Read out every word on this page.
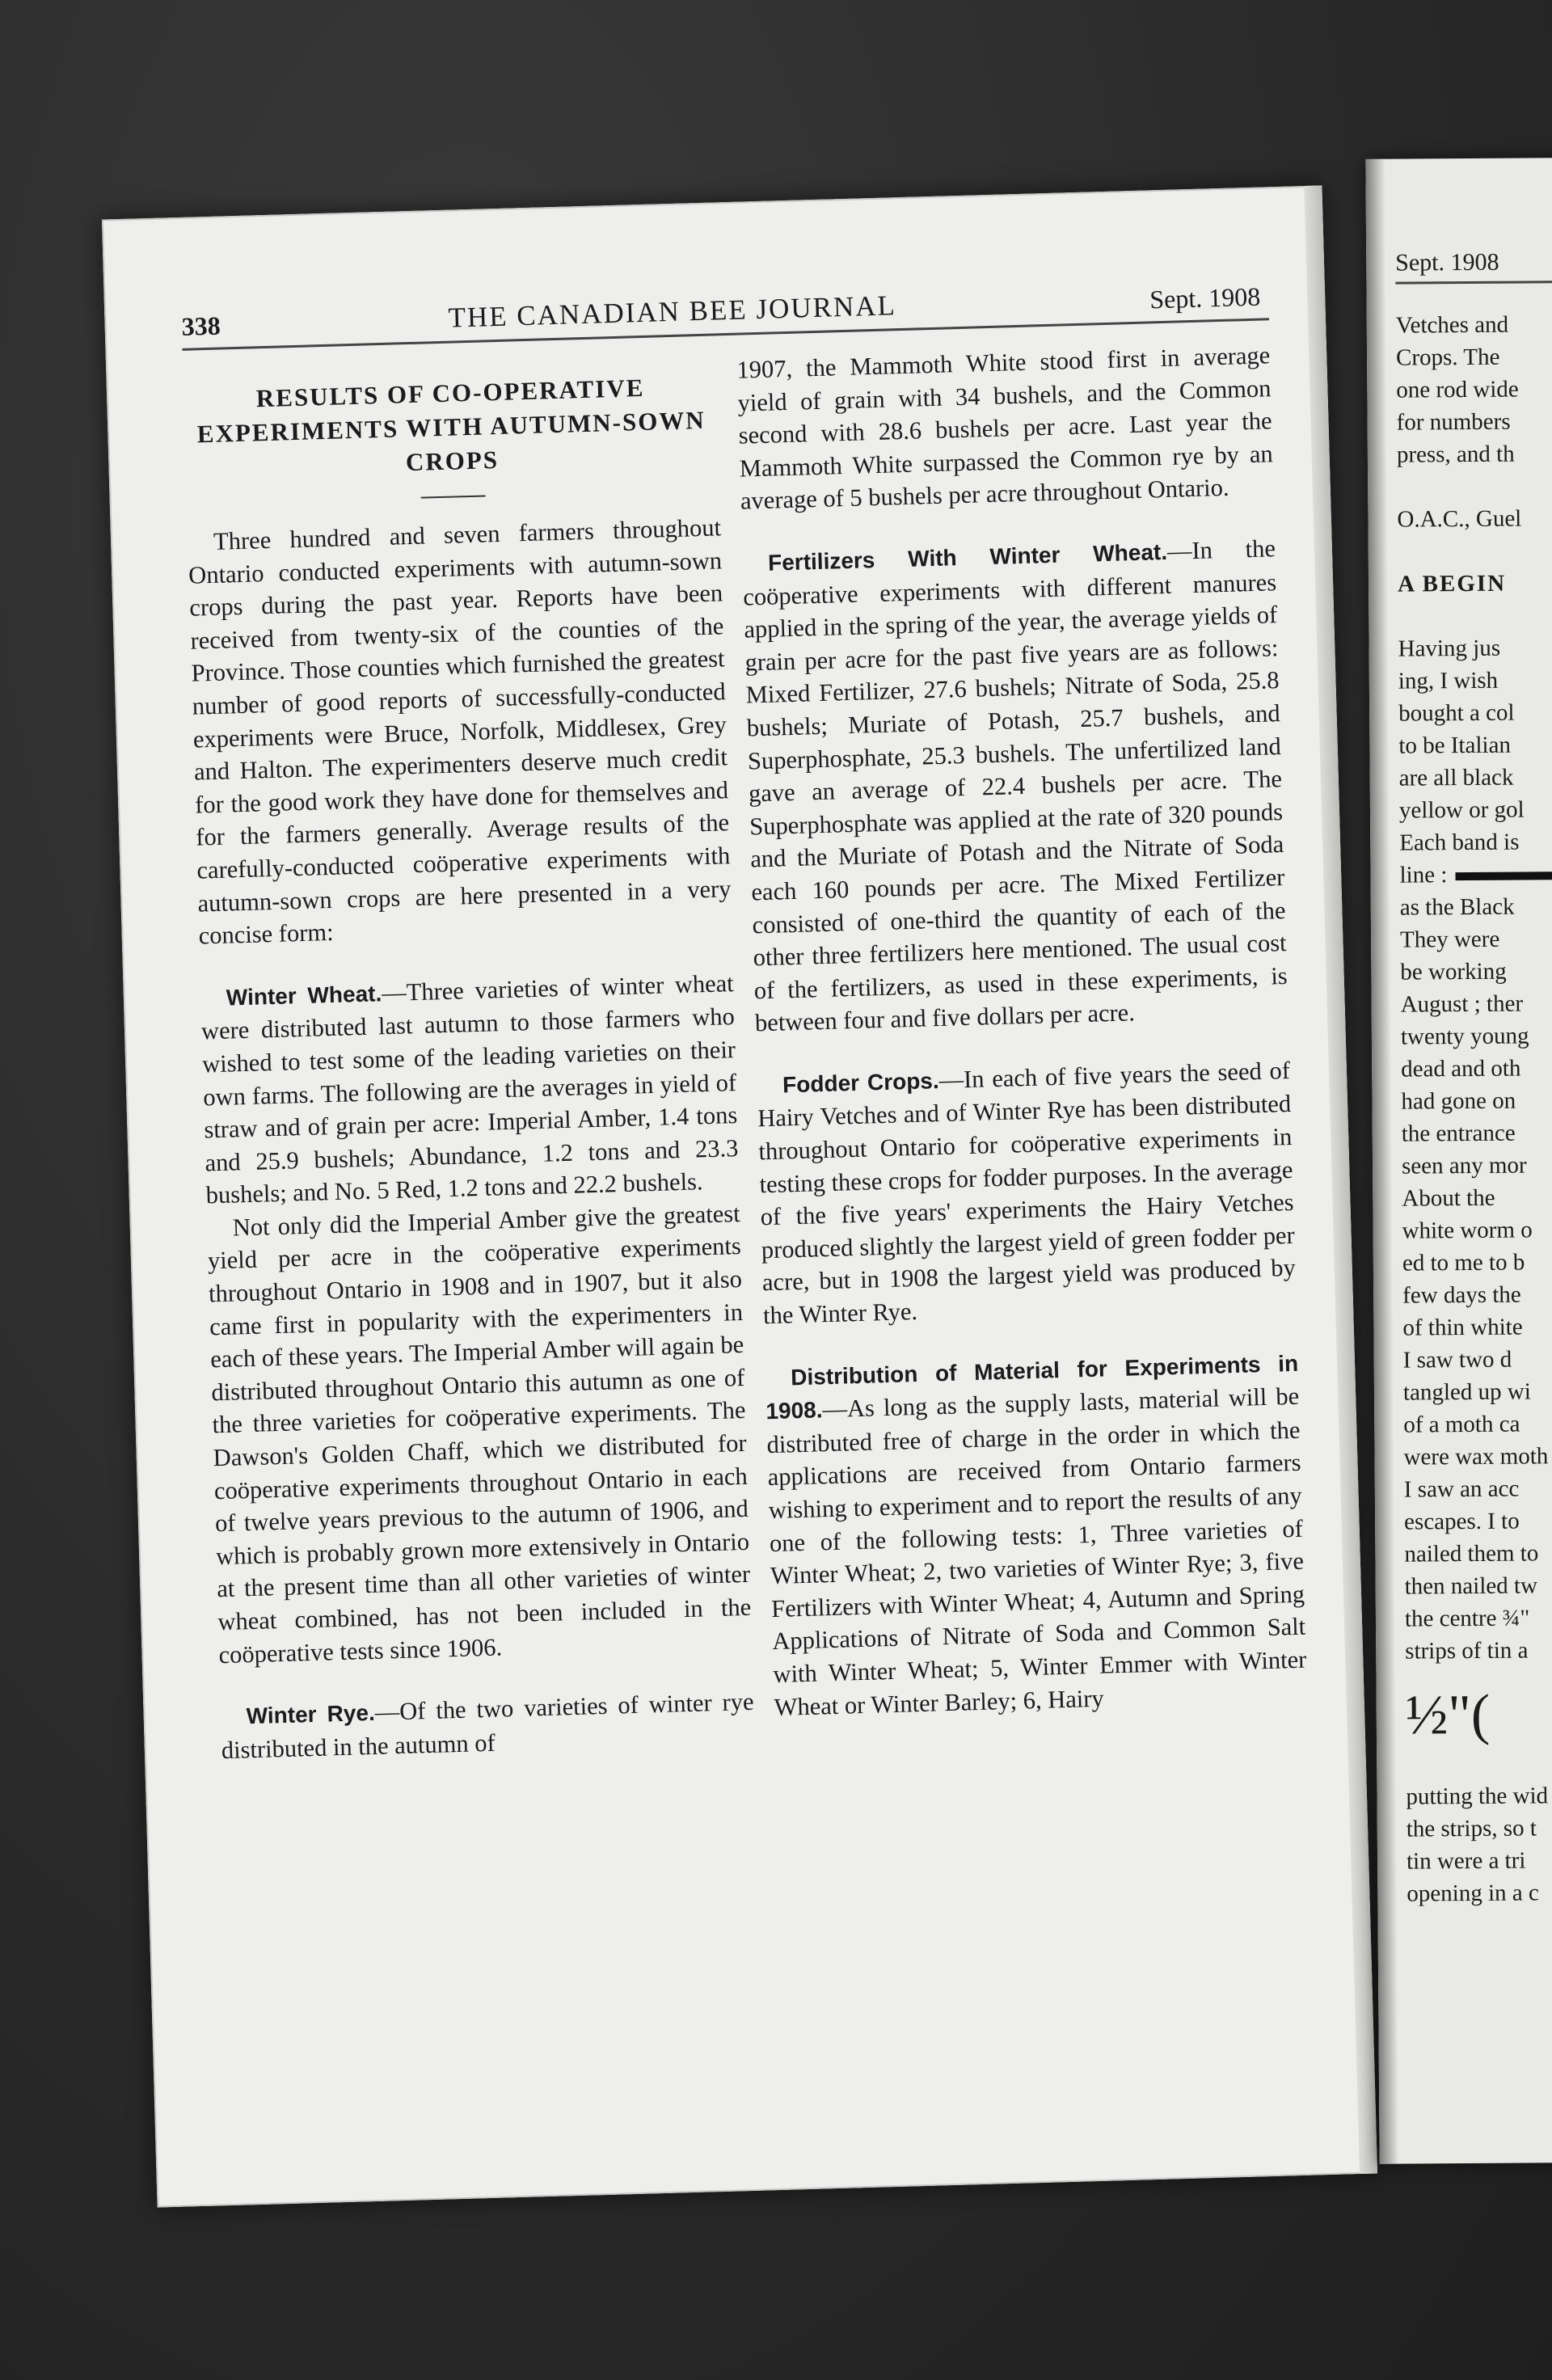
338	THE CANADIAN BEE JOURNAL	Sept. 1908
RESULTS OF CO-OPERATIVE EXPERIMENTS WITH AUTUMN-SOWN CROPS

Three hundred and seven farmers throughout Ontario conducted experiments with autumn-sown crops during the past year. Reports have been received from twenty-six of the counties of the Province. Those counties which furnished the greatest number of good reports of successfully-conducted experiments were Bruce, Norfolk, Middlesex, Grey and Halton. The experimenters deserve much credit for the good work they have done for themselves and for the farmers generally. Average results of the carefully-conducted coöperative experiments with autumn-sown crops are here presented in a very concise form:

Winter Wheat.—Three varieties of winter wheat were distributed last autumn to those farmers who wished to test some of the leading varieties on their own farms. The following are the averages in yield of straw and of grain per acre: Imperial Amber, 1.4 tons and 25.9 bushels; Abundance, 1.2 tons and 23.3 bushels; and No. 5 Red, 1.2 tons and 22.2 bushels.

Not only did the Imperial Amber give the greatest yield per acre in the coöperative experiments throughout Ontario in 1908 and in 1907, but it also came first in popularity with the experimenters in each of these years. The Imperial Amber will again be distributed throughout Ontario this autumn as one of the three varieties for coöperative experiments. The Dawson's Golden Chaff, which we distributed for coöperative experiments throughout Ontario in each of twelve years previous to the autumn of 1906, and which is probably grown more extensively in Ontario at the present time than all other varieties of winter wheat combined, has not been included in the coöperative tests since 1906.

Winter Rye.—Of the two varieties of winter rye distributed in the autumn of

1907, the Mammoth White stood first in average yield of grain with 34 bushels, and the Common second with 28.6 bushels per acre. Last year the Mammoth White surpassed the Common rye by an average of 5 bushels per acre throughout Ontario.

Fertilizers With Winter Wheat.—In the coöperative experiments with different manures applied in the spring of the year, the average yields of grain per acre for the past five years are as follows: Mixed Fertilizer, 27.6 bushels; Nitrate of Soda, 25.8 bushels; Muriate of Potash, 25.7 bushels, and Superphosphate, 25.3 bushels. The unfertilized land gave an average of 22.4 bushels per acre. The Superphosphate was applied at the rate of 320 pounds and the Muriate of Potash and the Nitrate of Soda each 160 pounds per acre. The Mixed Fertilizer consisted of one-third the quantity of each of the other three fertilizers here mentioned. The usual cost of the fertilizers, as used in these experiments, is between four and five dollars per acre.

Fodder Crops.—In each of five years the seed of Hairy Vetches and of Winter Rye has been distributed throughout Ontario for coöperative experiments in testing these crops for fodder purposes. In the average of the five years' experiments the Hairy Vetches produced slightly the largest yield of green fodder per acre, but in 1908 the largest yield was produced by the Winter Rye.

Distribution of Material for Experiments in 1908.—As long as the supply lasts, material will be distributed free of charge in the order in which the applications are received from Ontario farmers wishing to experiment and to report the results of any one of the following tests: 1, Three varieties of Winter Wheat; 2, two varieties of Winter Rye; 3, five Fertilizers with Winter Wheat; 4, Autumn and Spring Applications of Nitrate of Soda and Common Salt with Winter Wheat; 5, Winter Emmer with Winter Wheat or Winter Barley; 6, Hairy

Sept. 1908
Vetches and
Crops. The
one rod wide
for numbers
press, and th
O.A.C., Guel
A BEGIN
Having jus
ing, I wish
bought a col
to be Italian
are all black
yellow or gol
Each band is
line :
as the Black
They were
be working
August ; ther
twenty young
dead and oth
had gone on
the entrance
seen any mor
About the
white worm o
ed to me to b
few days the
of thin white
I saw two d
tangled up wi
of a moth ca
were wax moth
I saw an acc
escapes. I to
nailed them to
then nailed tw
the centre ¾"
strips of tin a
½"(
putting the wid
the strips, so t
tin were a tri
opening in a c
